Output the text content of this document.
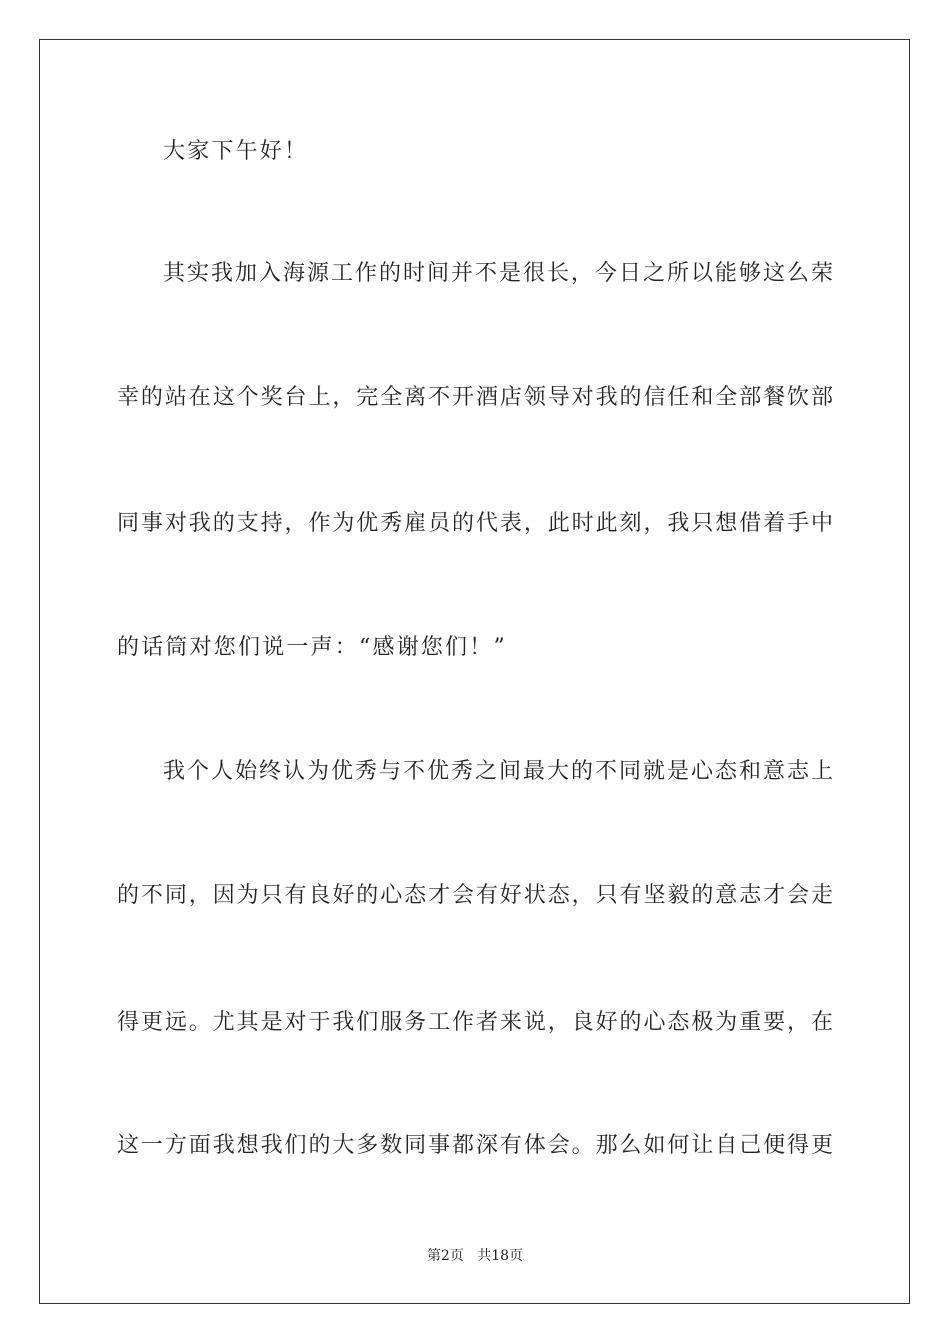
大家下午好！
其实我加入海源工作的时间并不是很长，今日之所以能够这么荣
幸的站在这个奖台上，完全离不开酒店领导对我的信任和全部餐饮部
同事对我的支持，作为优秀雇员的代表，此时此刻，我只想借着手中
的话筒对您们说一声：“感谢您们！”
我个人始终认为优秀与不优秀之间最大的不同就是心态和意志上
的不同，因为只有良好的心态才会有好状态，只有坚毅的意志才会走
得更远。尤其是对于我们服务工作者来说，良好的心态极为重要，在
这一方面我想我们的大多数同事都深有体会。那么如何让自己便得更
第2页 共18页
